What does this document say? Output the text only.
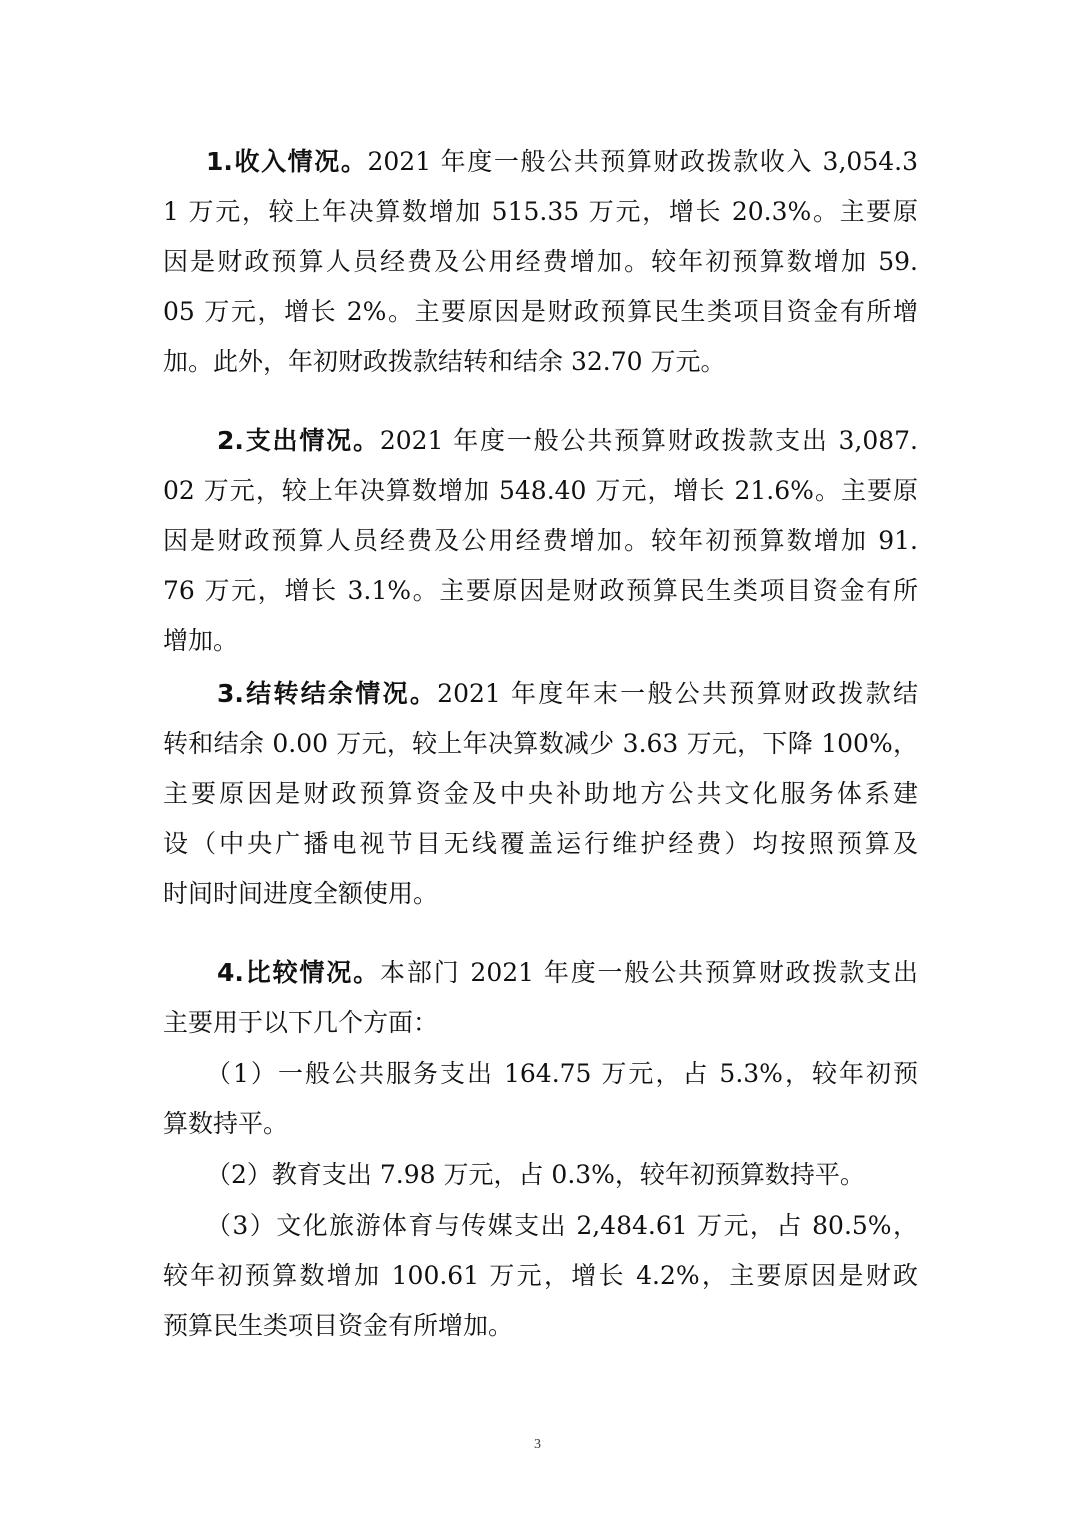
1.收入情况。2021 年度一般公共预算财政拨款收入 3,054.3
1 万元，较上年决算数增加 515.35 万元，增长 20.3%。主要原
因是财政预算人员经费及公用经费增加。较年初预算数增加 59.
05 万元，增长 2%。主要原因是财政预算民生类项目资金有所增
加。此外，年初财政拨款结转和结余 32.70 万元。
2.支出情况。2021 年度一般公共预算财政拨款支出 3,087.
02 万元，较上年决算数增加 548.40 万元，增长 21.6%。主要原
因是财政预算人员经费及公用经费增加。较年初预算数增加 91.
76 万元，增长 3.1%。主要原因是财政预算民生类项目资金有所
增加。
3.结转结余情况。2021 年度年末一般公共预算财政拨款结
转和结余 0.00 万元，较上年决算数减少 3.63 万元，下降 100%，
主要原因是财政预算资金及中央补助地方公共文化服务体系建
设（中央广播电视节目无线覆盖运行维护经费）均按照预算及
时间时间进度全额使用。
4.比较情况。本部门 2021 年度一般公共预算财政拨款支出
主要用于以下几个方面：
（1）一般公共服务支出 164.75 万元，占 5.3%，较年初预
算数持平。
（2）教育支出 7.98 万元，占 0.3%，较年初预算数持平。
（3）文化旅游体育与传媒支出 2,484.61 万元，占 80.5%，
较年初预算数增加 100.61 万元，增长 4.2%，主要原因是财政
预算民生类项目资金有所增加。
3
